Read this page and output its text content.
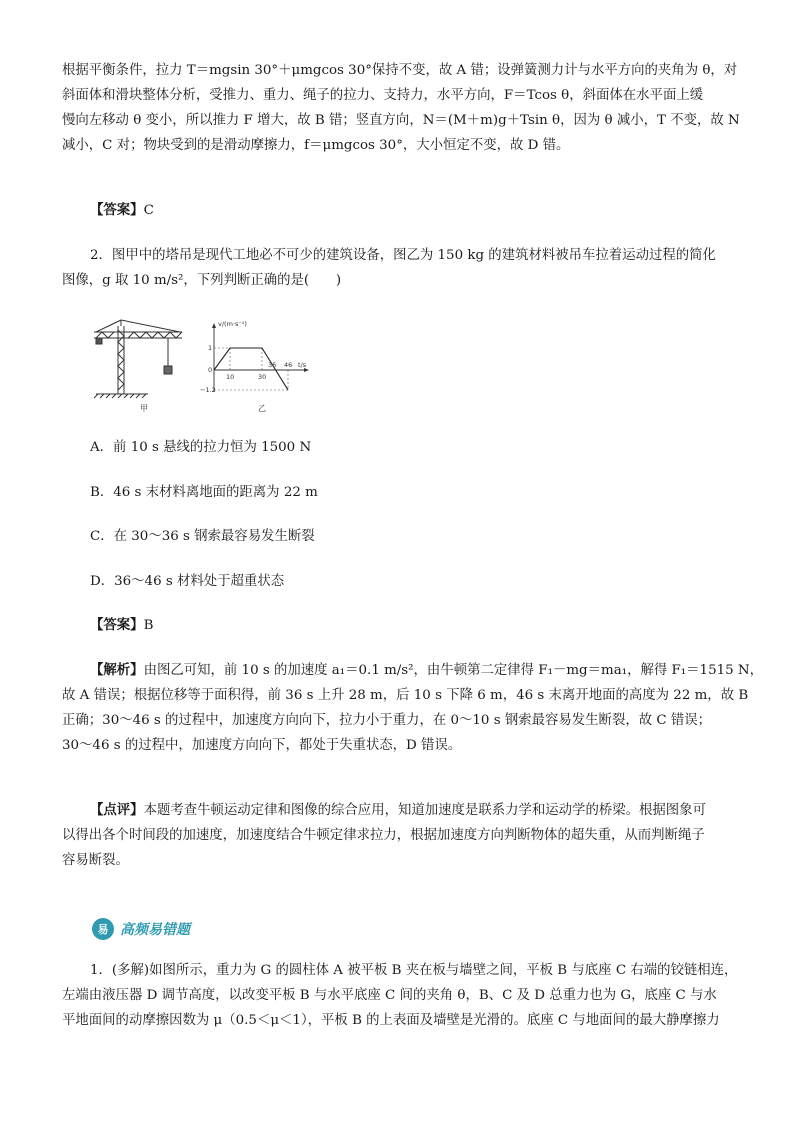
根据平衡条件，拉力 T＝mgsin 30°＋μmgcos 30°保持不变，故 A 错；设弹簧测力计与水平方向的夹角为 θ，对
斜面体和滑块整体分析，受推力、重力、绳子的拉力、支持力，水平方向，F＝Tcos θ，斜面体在水平面上缓
慢向左移动 θ 变小，所以推力 F 增大，故 B 错；竖直方向，N＝(M＋m)g＋Tsin θ，因为 θ 减小，T 不变，故 N
减小，C 对；物块受到的是滑动摩擦力，f＝μmgcos 30°，大小恒定不变，故 D 错。
【答案】C
2．图甲中的塔吊是现代工地必不可少的建筑设备，图乙为 150 kg 的建筑材料被吊车拉着运动过程的简化
图像，g 取 10 m/s²，下列判断正确的是(　　)
甲
v/(m·s⁻¹)
t/s
1
0
−1.2
10	30
36 46
乙
A．前 10 s 悬线的拉力恒为 1500 N
B．46 s 末材料离地面的距离为 22 m
C．在 30～36 s 钢索最容易发生断裂
D．36～46 s 材料处于超重状态
【答案】B
【解析】由图乙可知，前 10 s 的加速度 a₁＝0.1 m/s²，由牛顿第二定律得 F₁－mg＝ma₁，解得 F₁＝1515 N，
故 A 错误；根据位移等于面积得，前 36 s 上升 28 m，后 10 s 下降 6 m，46 s 末离开地面的高度为 22 m，故 B
正确；30～46 s 的过程中，加速度方向向下，拉力小于重力，在 0～10 s 钢索最容易发生断裂，故 C 错误；
30～46 s 的过程中，加速度方向向下，都处于失重状态，D 错误。
【点评】本题考查牛顿运动定律和图像的综合应用，知道加速度是联系力学和运动学的桥梁。根据图象可
以得出各个时间段的加速度，加速度结合牛顿定律求拉力，根据加速度方向判断物体的超失重，从而判断绳子
容易断裂。
易 高频易错题
1．(多解)如图所示，重力为 G 的圆柱体 A 被平板 B 夹在板与墙壁之间，平板 B 与底座 C 右端的铰链相连，
左端由液压器 D 调节高度，以改变平板 B 与水平底座 C 间的夹角 θ，B、C 及 D 总重力也为 G，底座 C 与水
平地面间的动摩擦因数为 μ（0.5＜μ＜1），平板 B 的上表面及墙壁是光滑的。底座 C 与地面间的最大静摩擦力
